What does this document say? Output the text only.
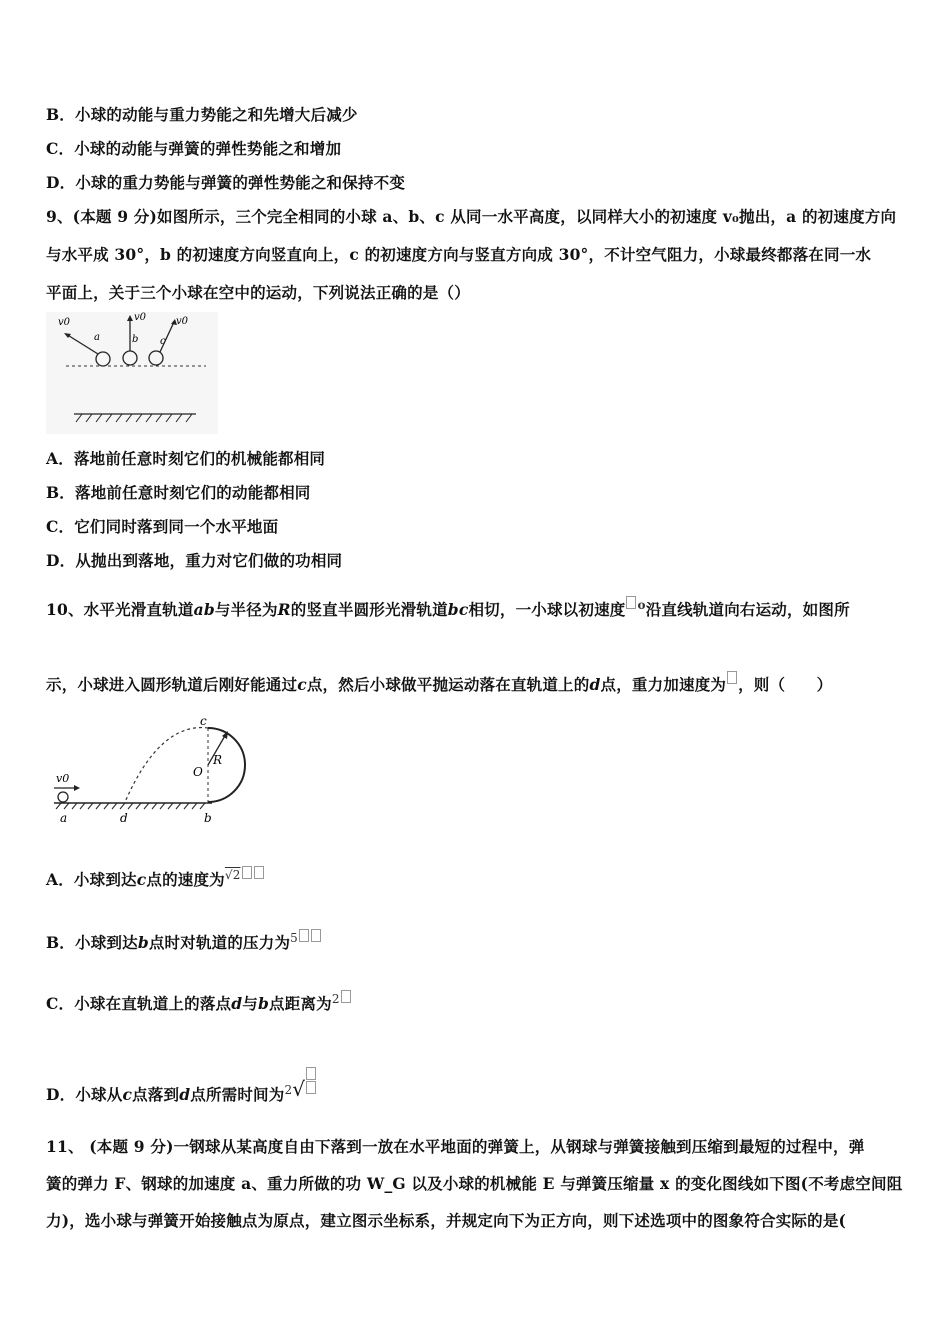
B．小球的动能与重力势能之和先增大后减少
C．小球的动能与弹簧的弹性势能之和增加
D．小球的重力势能与弹簧的弹性势能之和保持不变
9、(本题 9 分)如图所示，三个完全相同的小球 a、b、c 从同一水平高度，以同样大小的初速度 v₀抛出，a 的初速度方向
与水平成 30°，b 的初速度方向竖直向上，c 的初速度方向与竖直方向成 30°，不计空气阻力，小球最终都落在同一水
平面上，关于三个小球在空中的运动，下列说法正确的是（）
v0
a
v0
b
v0
c
A．落地前任意时刻它们的机械能都相同
B．落地前任意时刻它们的动能都相同
C．它们同时落到同一个水平地面
D．从抛出到落地，重力对它们做的功相同
10、水平光滑直轨道ab与半径为R的竖直半圆形光滑轨道bc相切，一小球以初速度 $^o$沿直线轨道向右运动，如图所
示，小球进入圆形轨道后刚好能通过c点，然后小球做平抛运动落在直轨道上的d点，重力加速度为 ，则（　　）
c
O
R
v0
a	d	b
A．小球到达c点的速度为$^{√2}$
B．小球到达b点时对轨道的压力为$^5$
C．小球在直轨道上的落点d与b点距离为$^2$
D．小球从c点落到d点所需时间为$^2$√
11、 (本题 9 分)一钢球从某高度自由下落到一放在水平地面的弹簧上，从钢球与弹簧接触到压缩到最短的过程中，弹
簧的弹力 F、钢球的加速度 a、重力所做的功 W_G 以及小球的机械能 E 与弹簧压缩量 x 的变化图线如下图(不考虑空间阻
力)，选小球与弹簧开始接触点为原点，建立图示坐标系，并规定向下为正方向，则下述选项中的图象符合实际的是(
